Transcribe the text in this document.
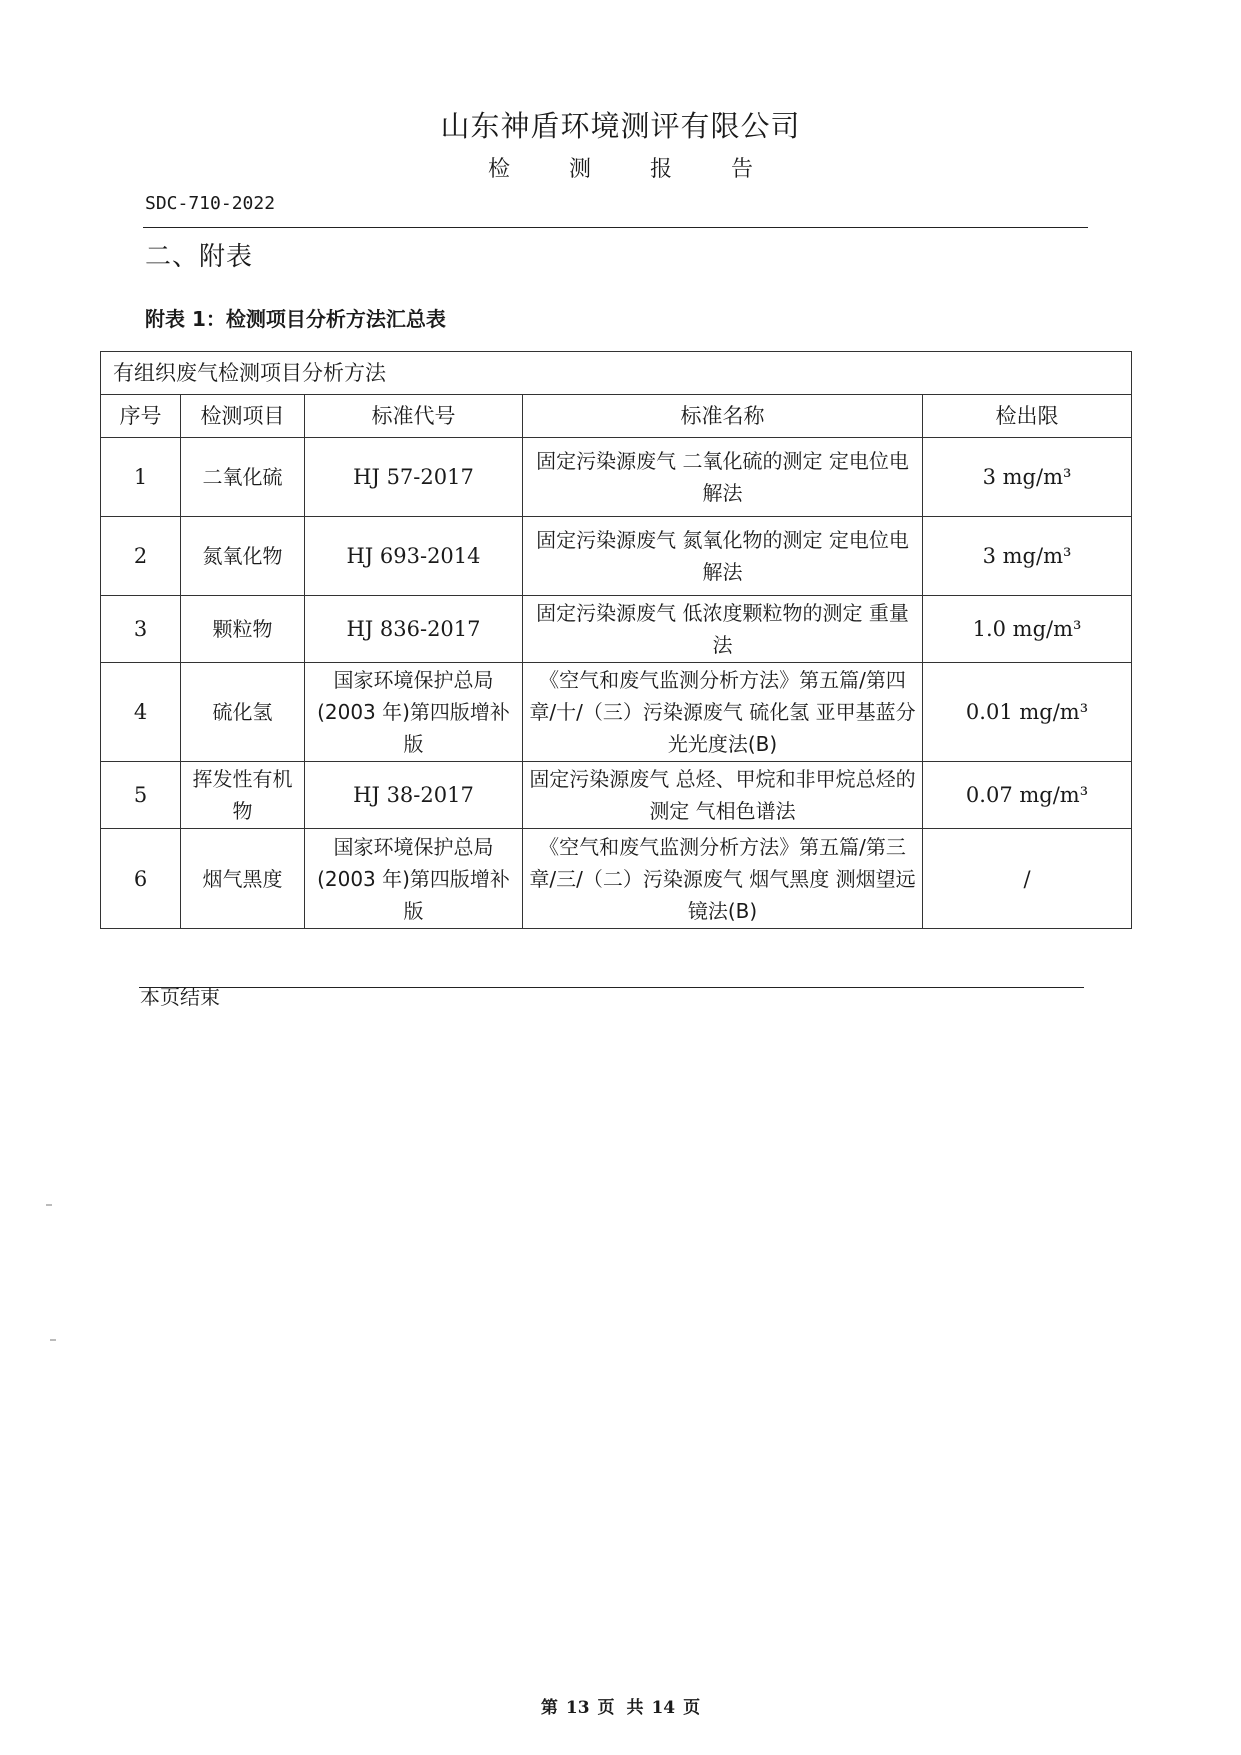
山东神盾环境测评有限公司
检 测 报 告
SDC-710-2022
二、附表
附表 1：检测项目分析方法汇总表
有组织废气检测项目分析方法				
序号	检测项目	标准代号	标准名称	检出限
1	二氧化硫	HJ 57-2017	固定污染源废气 二氧化硫的测定 定电位电解法	3 mg/m³
2	氮氧化物	HJ 693-2014	固定污染源废气 氮氧化物的测定 定电位电解法	3 mg/m³
3	颗粒物	HJ 836-2017	固定污染源废气 低浓度颗粒物的测定 重量法	1.0 mg/m³
4	硫化氢	国家环境保护总局(2003 年)第四版增补版	《空气和废气监测分析方法》第五篇/第四章/十/（三）污染源废气 硫化氢 亚甲基蓝分光光度法(B)	0.01 mg/m³
5	挥发性有机物	HJ 38-2017	固定污染源废气 总烃、甲烷和非甲烷总烃的测定 气相色谱法	0.07 mg/m³
6	烟气黑度	国家环境保护总局(2003 年)第四版增补版	《空气和废气监测分析方法》第五篇/第三章/三/（二）污染源废气 烟气黑度 测烟望远镜法(B)	/
本页结束
第 13 页 共 14 页
